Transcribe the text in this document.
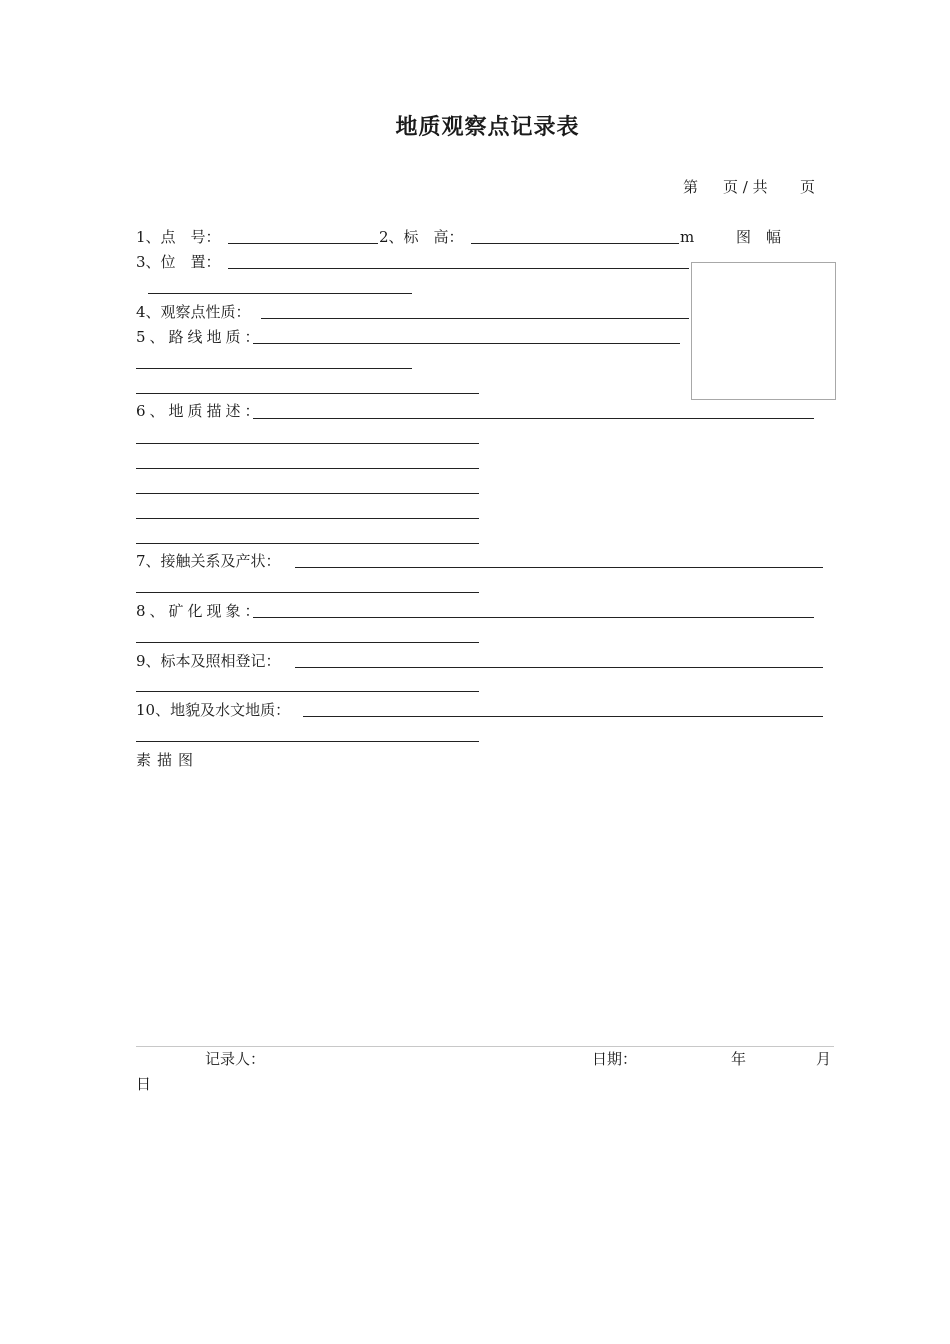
地质观察点记录表
第 页 / 共 页
1、点　号：	2、标　高：	m	图　幅
3、位　置：
4、观察点性质：
5、路线地质：
6、地质描述：
7、接触关系及产状：
8、矿化现象：
9、标本及照相登记：
10、地貌及水文地质：
素描图
记录人：	日期：	年	月
日
